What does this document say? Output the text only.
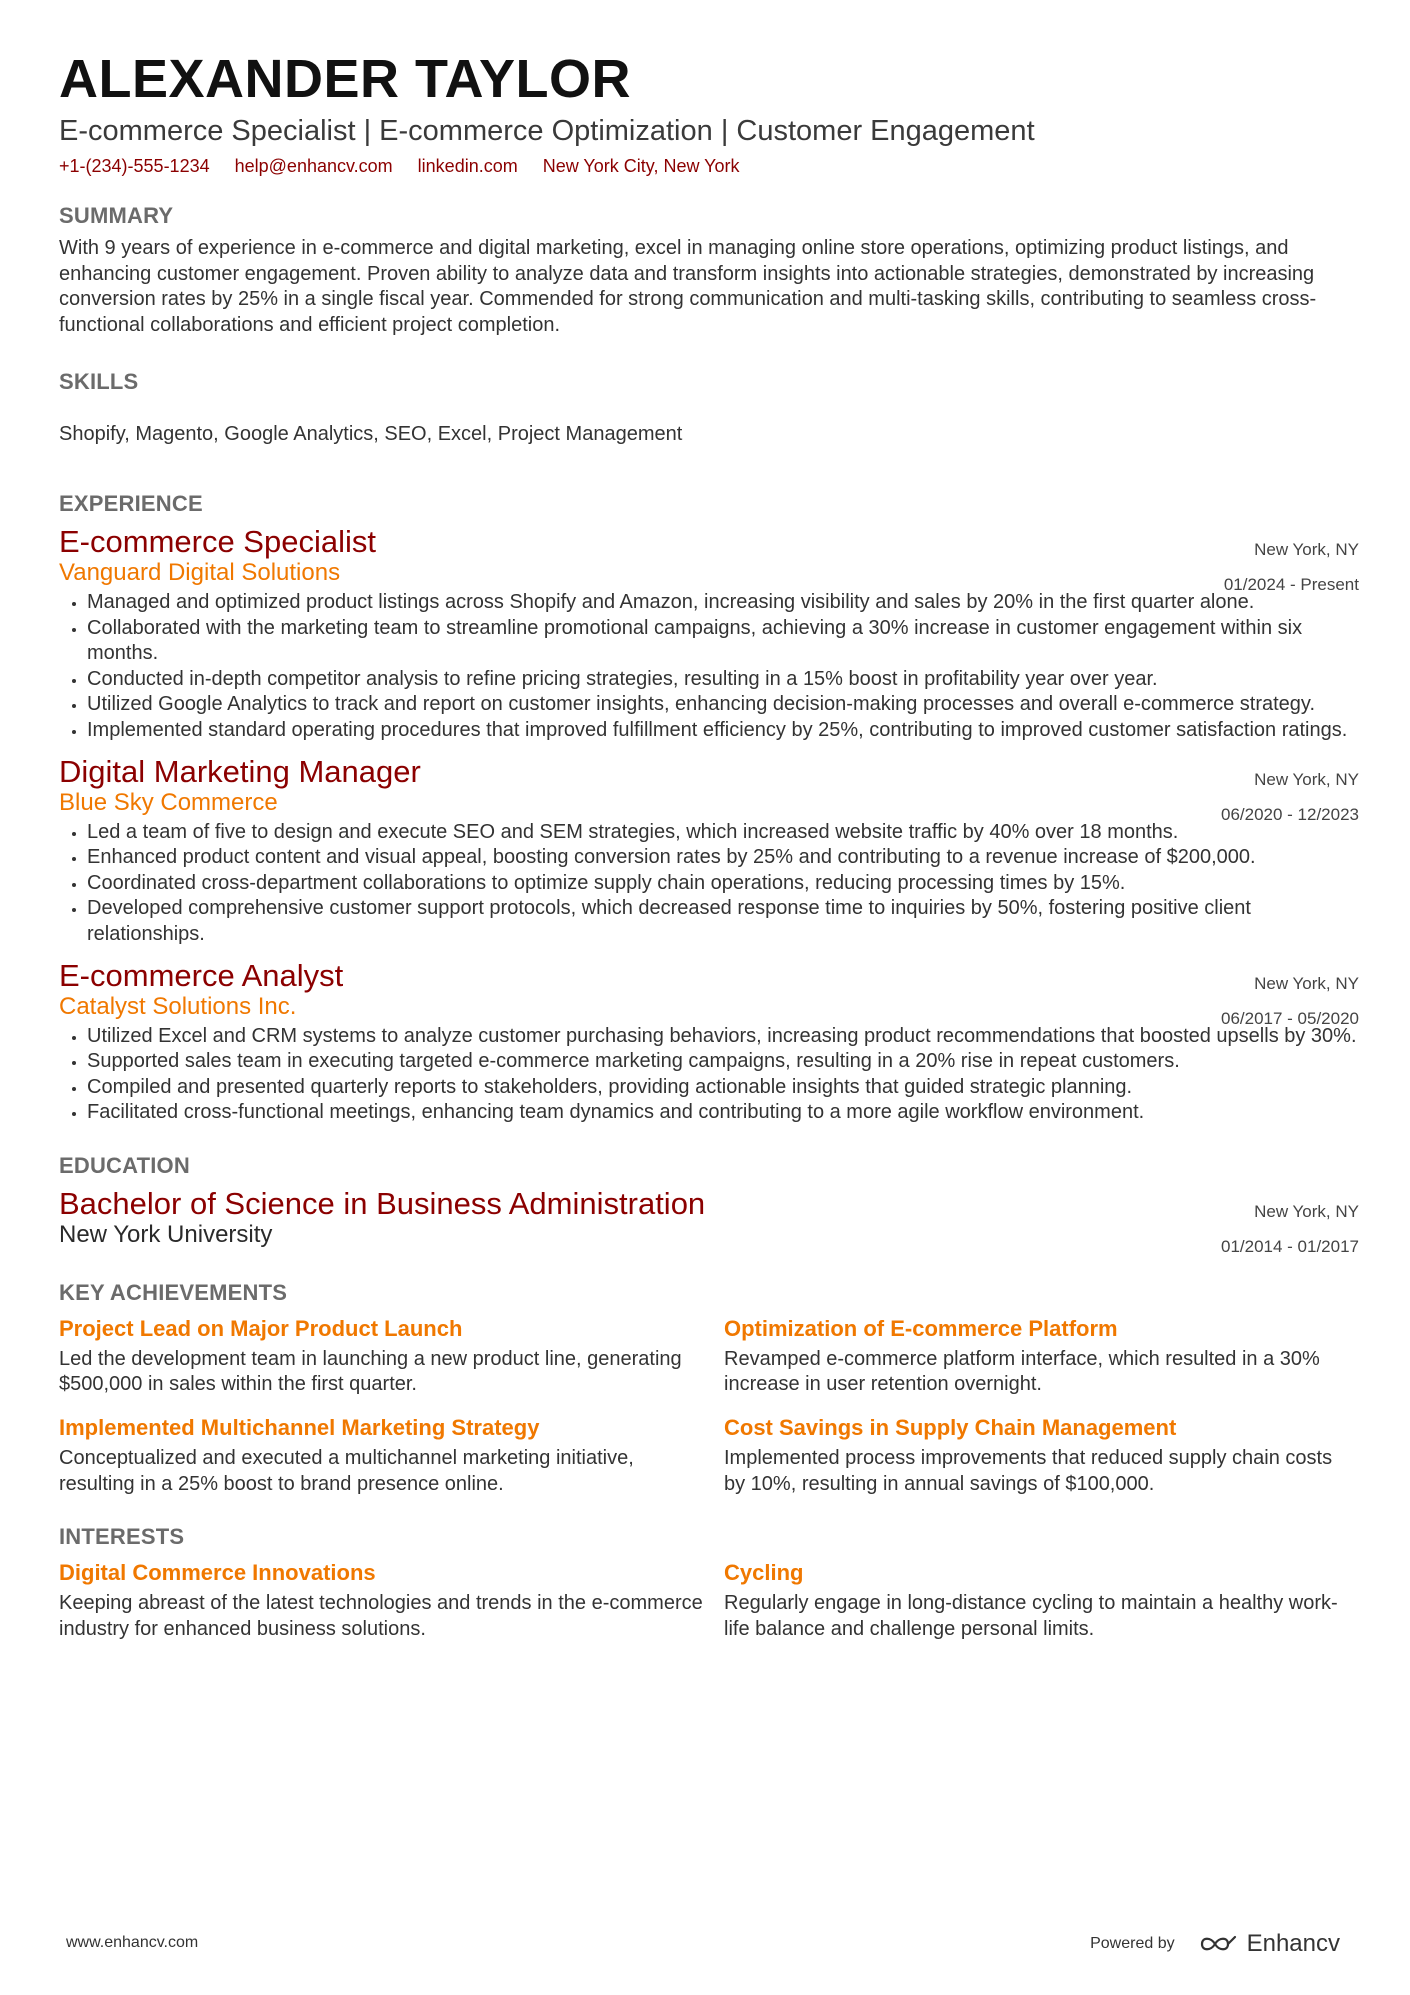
ALEXANDER TAYLOR
E-commerce Specialist | E-commerce Optimization | Customer Engagement
+1-(234)-555-1234 help@enhancv.com linkedin.com New York City, New York
SUMMARY
With 9 years of experience in e-commerce and digital marketing, excel in managing online store operations, optimizing product listings, and enhancing customer engagement. Proven ability to analyze data and transform insights into actionable strategies, demonstrated by increasing conversion rates by 25% in a single fiscal year. Commended for strong communication and multi-tasking skills, contributing to seamless cross-functional collaborations and efficient project completion.
SKILLS
Shopify, Magento, Google Analytics, SEO, Excel, Project Management
EXPERIENCE
E-commerce Specialist
Vanguard Digital Solutions
New York, NY
01/2024 - Present
• Managed and optimized product listings across Shopify and Amazon, increasing visibility and sales by 20% in the first quarter alone.
• Collaborated with the marketing team to streamline promotional campaigns, achieving a 30% increase in customer engagement within six months.
• Conducted in-depth competitor analysis to refine pricing strategies, resulting in a 15% boost in profitability year over year.
• Utilized Google Analytics to track and report on customer insights, enhancing decision-making processes and overall e-commerce strategy.
• Implemented standard operating procedures that improved fulfillment efficiency by 25%, contributing to improved customer satisfaction ratings.
Digital Marketing Manager
Blue Sky Commerce
New York, NY
06/2020 - 12/2023
• Led a team of five to design and execute SEO and SEM strategies, which increased website traffic by 40% over 18 months.
• Enhanced product content and visual appeal, boosting conversion rates by 25% and contributing to a revenue increase of $200,000.
• Coordinated cross-department collaborations to optimize supply chain operations, reducing processing times by 15%.
• Developed comprehensive customer support protocols, which decreased response time to inquiries by 50%, fostering positive client relationships.
E-commerce Analyst
Catalyst Solutions Inc.
New York, NY
06/2017 - 05/2020
• Utilized Excel and CRM systems to analyze customer purchasing behaviors, increasing product recommendations that boosted upsells by 30%.
• Supported sales team in executing targeted e-commerce marketing campaigns, resulting in a 20% rise in repeat customers.
• Compiled and presented quarterly reports to stakeholders, providing actionable insights that guided strategic planning.
• Facilitated cross-functional meetings, enhancing team dynamics and contributing to a more agile workflow environment.
EDUCATION
Bachelor of Science in Business Administration
New York University
New York, NY
01/2014 - 01/2017
KEY ACHIEVEMENTS
Project Lead on Major Product Launch
Led the development team in launching a new product line, generating $500,000 in sales within the first quarter.
Optimization of E-commerce Platform
Revamped e-commerce platform interface, which resulted in a 30% increase in user retention overnight.
Implemented Multichannel Marketing Strategy
Conceptualized and executed a multichannel marketing initiative, resulting in a 25% boost to brand presence online.
Cost Savings in Supply Chain Management
Implemented process improvements that reduced supply chain costs by 10%, resulting in annual savings of $100,000.
INTERESTS
Digital Commerce Innovations
Keeping abreast of the latest technologies and trends in the e-commerce industry for enhanced business solutions.
Cycling
Regularly engage in long-distance cycling to maintain a healthy work-life balance and challenge personal limits.
www.enhancv.com	Powered by	Enhancv
